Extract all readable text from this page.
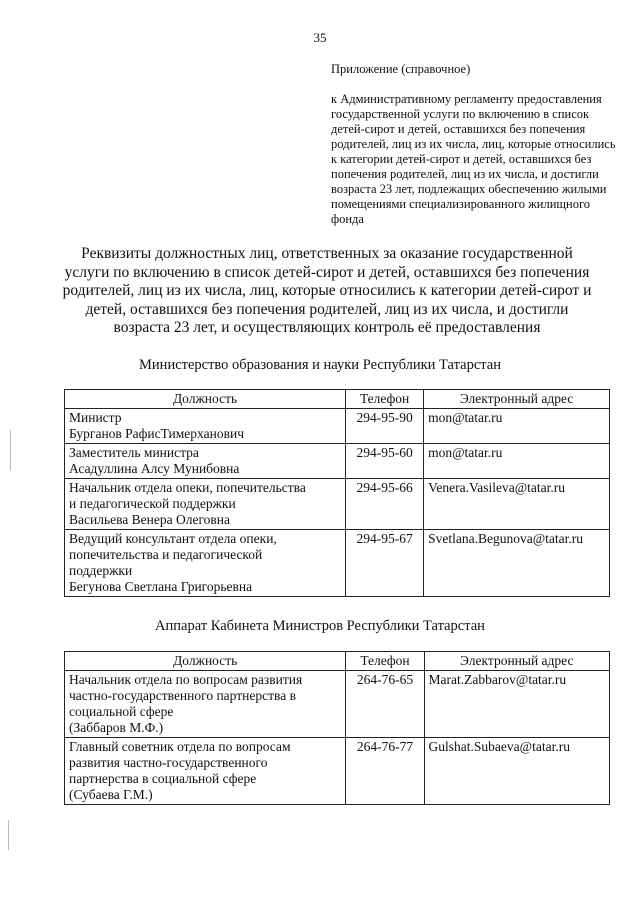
35
Приложение (справочное)
к Административному регламенту предоставления государственной услуги по включению в список детей-сирот и детей, оставшихся без попечения родителей, лиц из их числа, лиц, которые относились к категории детей-сирот и детей, оставшихся без попечения родителей, лиц из их числа, и достигли возраста 23 лет, подлежащих обеспечению жилыми помещениями специализированного жилищного фонда
Реквизиты должностных лиц, ответственных за оказание государственной услуги по включению в список детей-сирот и детей, оставшихся без попечения родителей, лиц из их числа, лиц, которые относились к категории детей-сирот и детей, оставшихся без попечения родителей, лиц из их числа, и достигли возраста 23 лет, и осуществляющих контроль её предоставления
Министерство образования и науки Республики Татарстан
Должность	Телефон	Электронный адрес
Министр
Бурганов РафисТимерханович	294-95-90	mon@tatar.ru
Заместитель министра
Асадуллина Алсу Мунибовна	294-95-60	mon@tatar.ru
Начальник отдела опеки, попечительства
и педагогической поддержки
Васильева Венера Олеговна	294-95-66	Venera.Vasileva@tatar.ru
Ведущий консультант отдела опеки,
попечительства и педагогической
поддержки
Бегунова Светлана Григорьевна	294-95-67	Svetlana.Begunova@tatar.ru
Аппарат Кабинета Министров Республики Татарстан
Должность	Телефон	Электронный адрес
Начальник отдела по вопросам развития
частно-государственного партнерства в
социальной сфере
(Заббаров М.Ф.)	264-76-65	Marat.Zabbarov@tatar.ru
Главный советник отдела по вопросам
развития частно-государственного
партнерства в социальной сфере
(Субаева Г.М.)	264-76-77	Gulshat.Subaeva@tatar.ru
